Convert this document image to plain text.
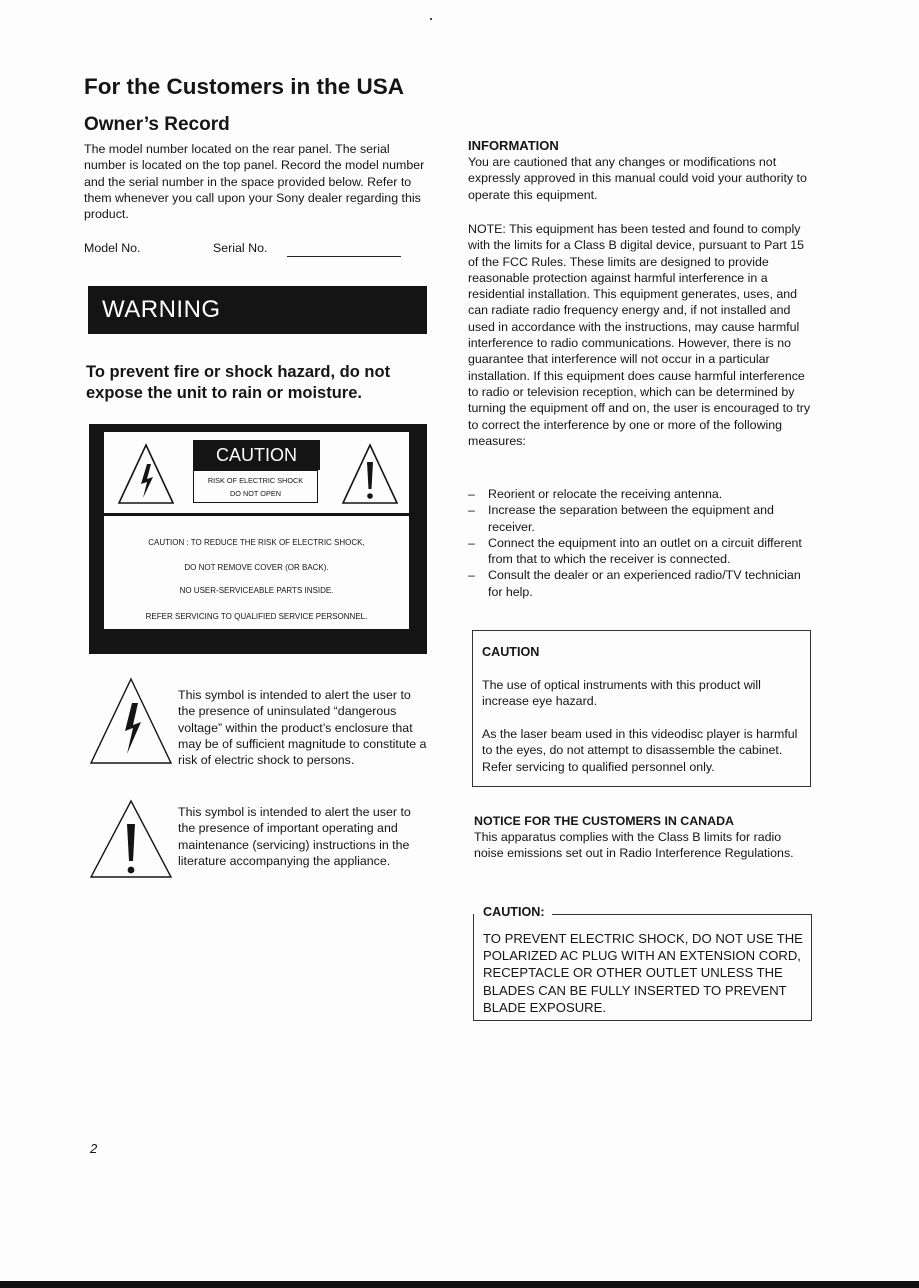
For the Customers in the USA
Owner’s Record
The model number located on the rear panel. The serial number is located on the top panel. Record the model number and the serial number in the space provided below. Refer to them whenever you call upon your Sony dealer regarding this product.
Model No.	Serial No.
WARNING
To prevent fire or shock hazard, do not expose the unit to rain or moisture.
CAUTION
RISK OF ELECTRIC SHOCK
DO NOT OPEN
CAUTION : TO REDUCE THE RISK OF ELECTRIC SHOCK,
DO NOT REMOVE COVER (OR BACK).
NO USER-SERVICEABLE PARTS INSIDE.
REFER SERVICING TO QUALIFIED SERVICE PERSONNEL.
This symbol is intended to alert the user to the presence of uninsulated “dangerous voltage” within the product’s enclosure that may be of sufficient magnitude to constitute a risk of electric shock to persons.
This symbol is intended to alert the user to the presence of important operating and maintenance (servicing) instructions in the literature accompanying the appliance.
INFORMATION
You are cautioned that any changes or modifications not expressly approved in this manual could void your authority to operate this equipment.
NOTE: This equipment has been tested and found to comply with the limits for a Class B digital device, pursuant to Part 15 of the FCC Rules. These limits are designed to provide reasonable protection against harmful interference in a residential installation. This equipment generates, uses, and can radiate radio frequency energy and, if not installed and used in accordance with the instructions, may cause harmful interference to radio communications. However, there is no guarantee that interference will not occur in a particular installation. If this equipment does cause harmful interference to radio or television reception, which can be determined by turning the equipment off and on, the user is encouraged to try to correct the interference by one or more of the following measures:
– Reorient or relocate the receiving antenna.
– Increase the separation between the equipment and receiver.
– Connect the equipment into an outlet on a circuit different from that to which the receiver is connected.
– Consult the dealer or an experienced radio/TV technician for help.
CAUTION
The use of optical instruments with this product will increase eye hazard.
As the laser beam used in this videodisc player is harmful to the eyes, do not attempt to disassemble the cabinet. Refer servicing to qualified personnel only.
NOTICE FOR THE CUSTOMERS IN CANADA
This apparatus complies with the Class B limits for radio noise emissions set out in Radio Interference Regulations.
CAUTION:
TO PREVENT ELECTRIC SHOCK, DO NOT USE THE POLARIZED AC PLUG WITH AN EXTENSION CORD, RECEPTACLE OR OTHER OUTLET UNLESS THE BLADES CAN BE FULLY INSERTED TO PREVENT BLADE EXPOSURE.
2
